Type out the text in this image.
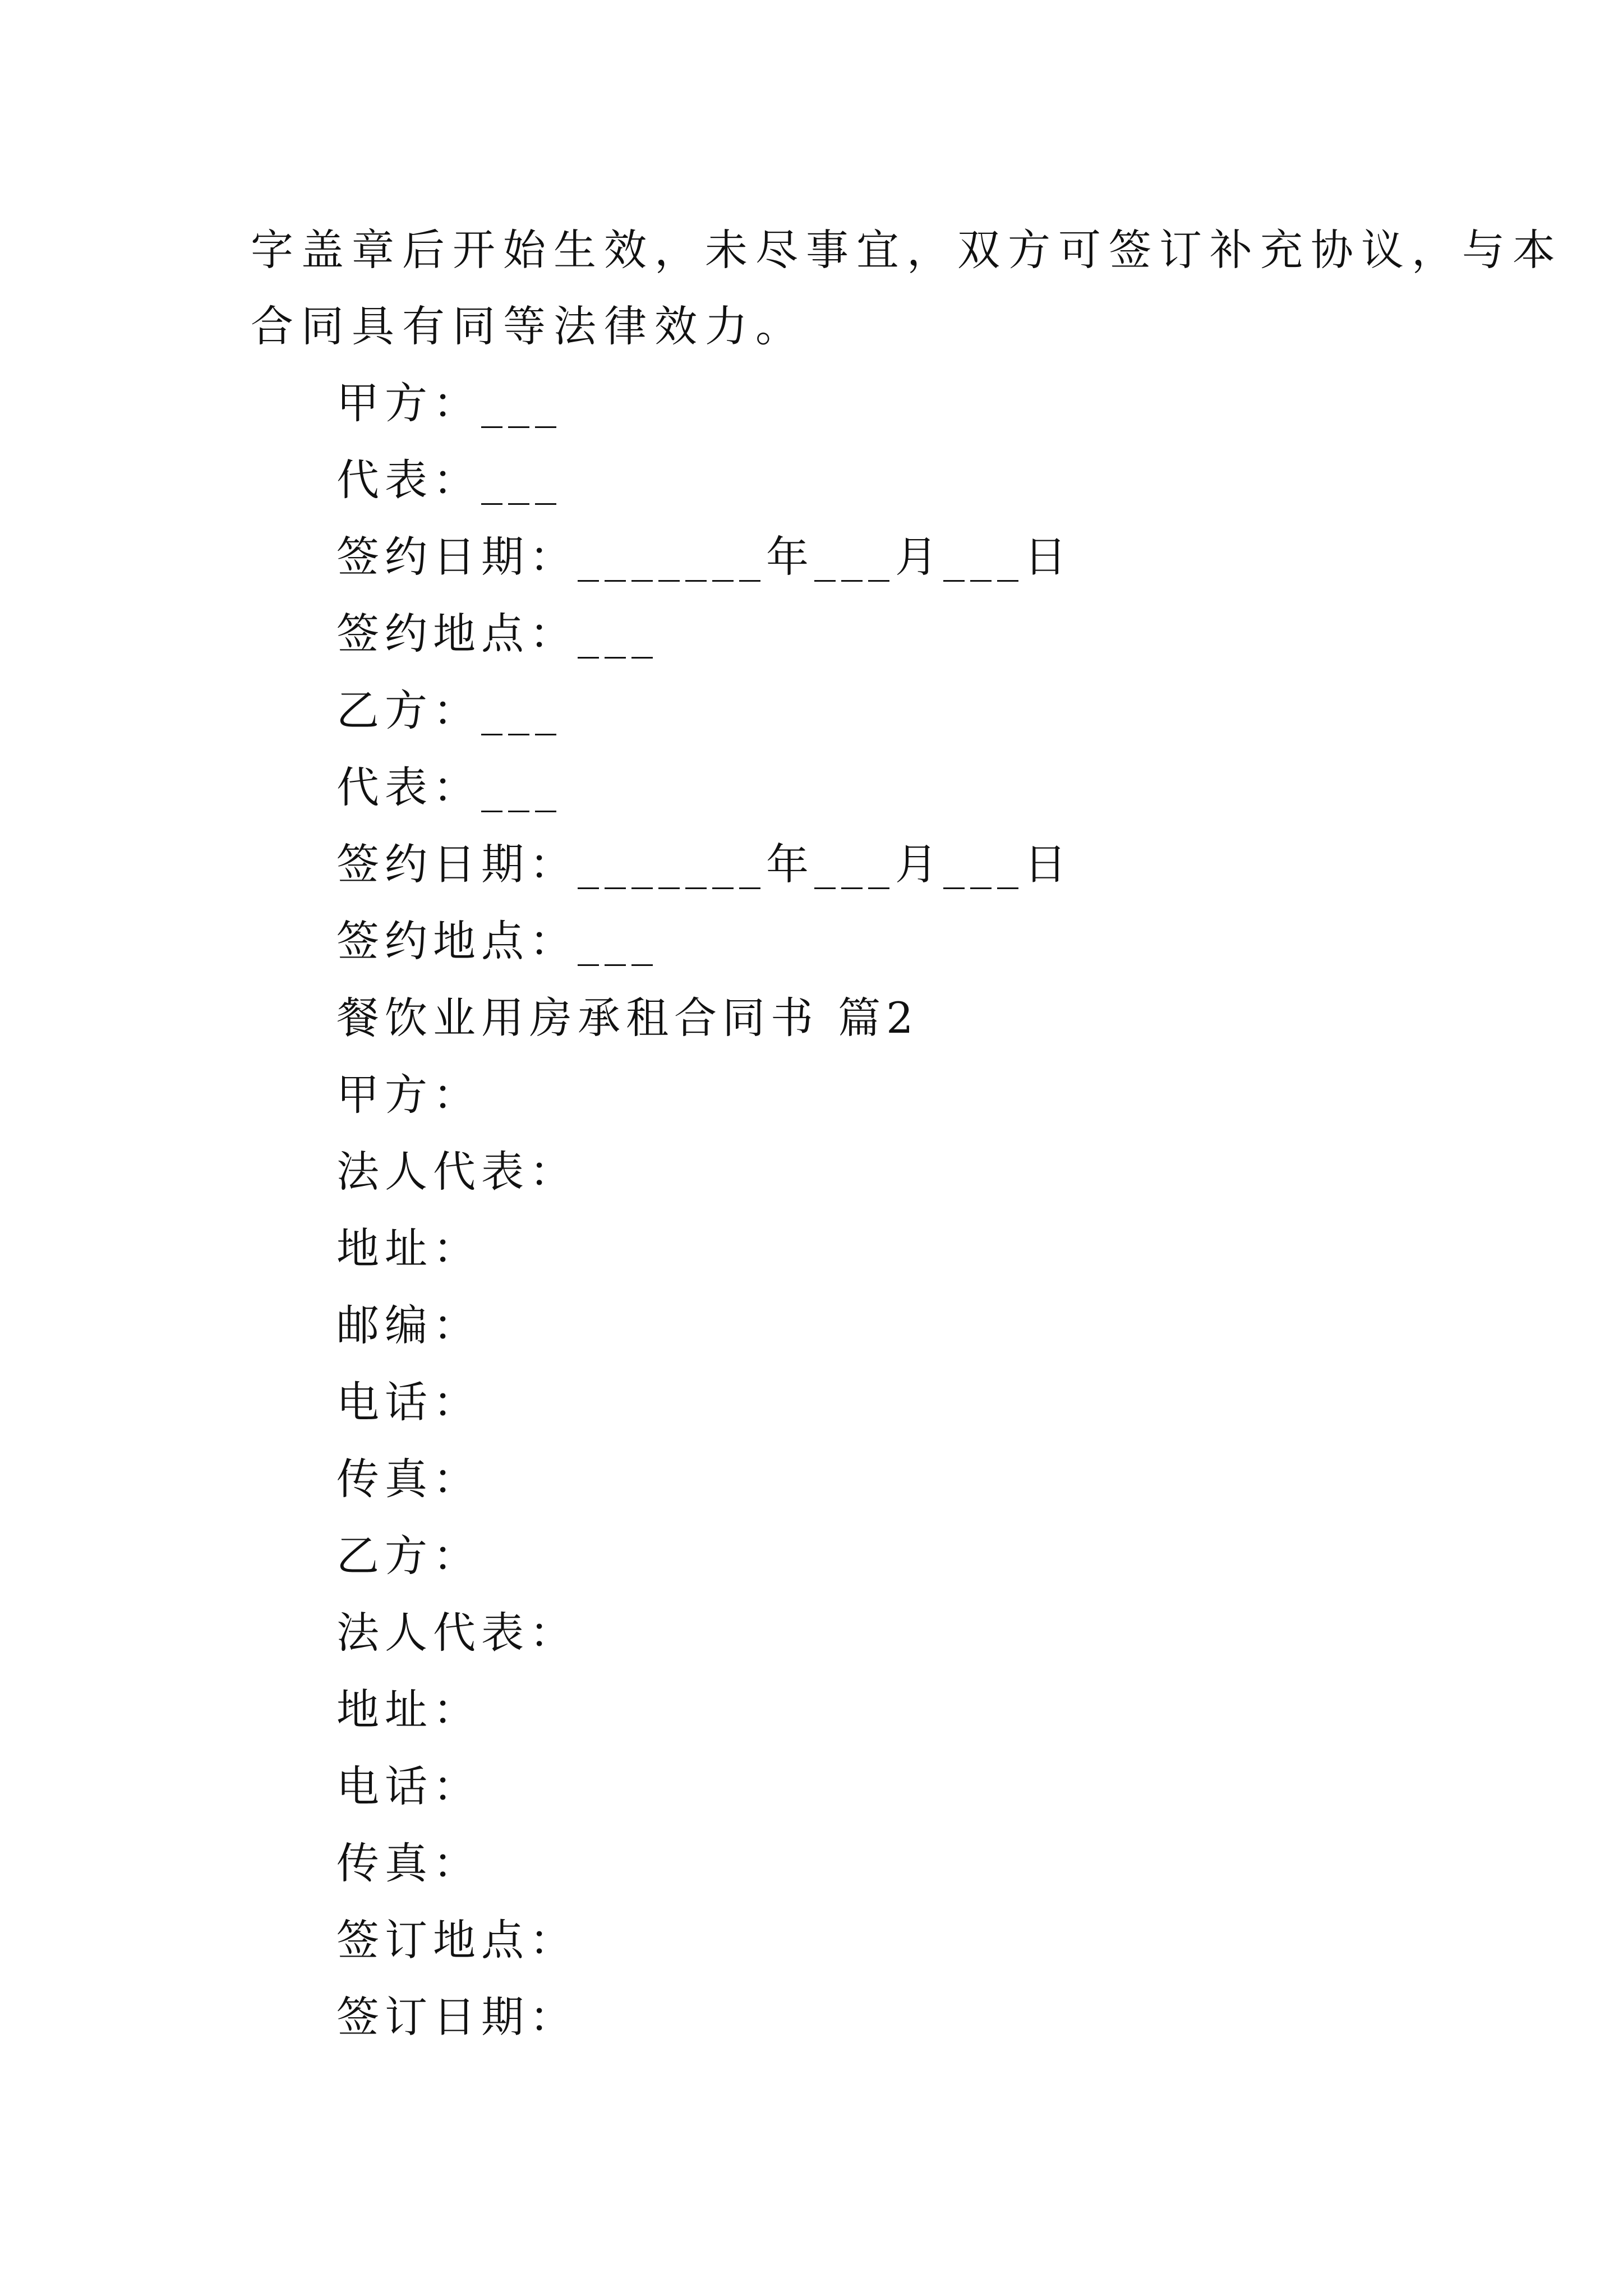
字盖章后开始生效，未尽事宜，双方可签订补充协议，与本
合同具有同等法律效力。
甲方：___
代表：___
签约日期：_______年___月___日
签约地点：___
乙方：___
代表：___
签约日期：_______年___月___日
签约地点：___
餐饮业用房承租合同书 篇2
甲方：
法人代表：
地址：
邮编：
电话：
传真：
乙方：
法人代表：
地址：
电话：
传真：
签订地点：
签订日期：
